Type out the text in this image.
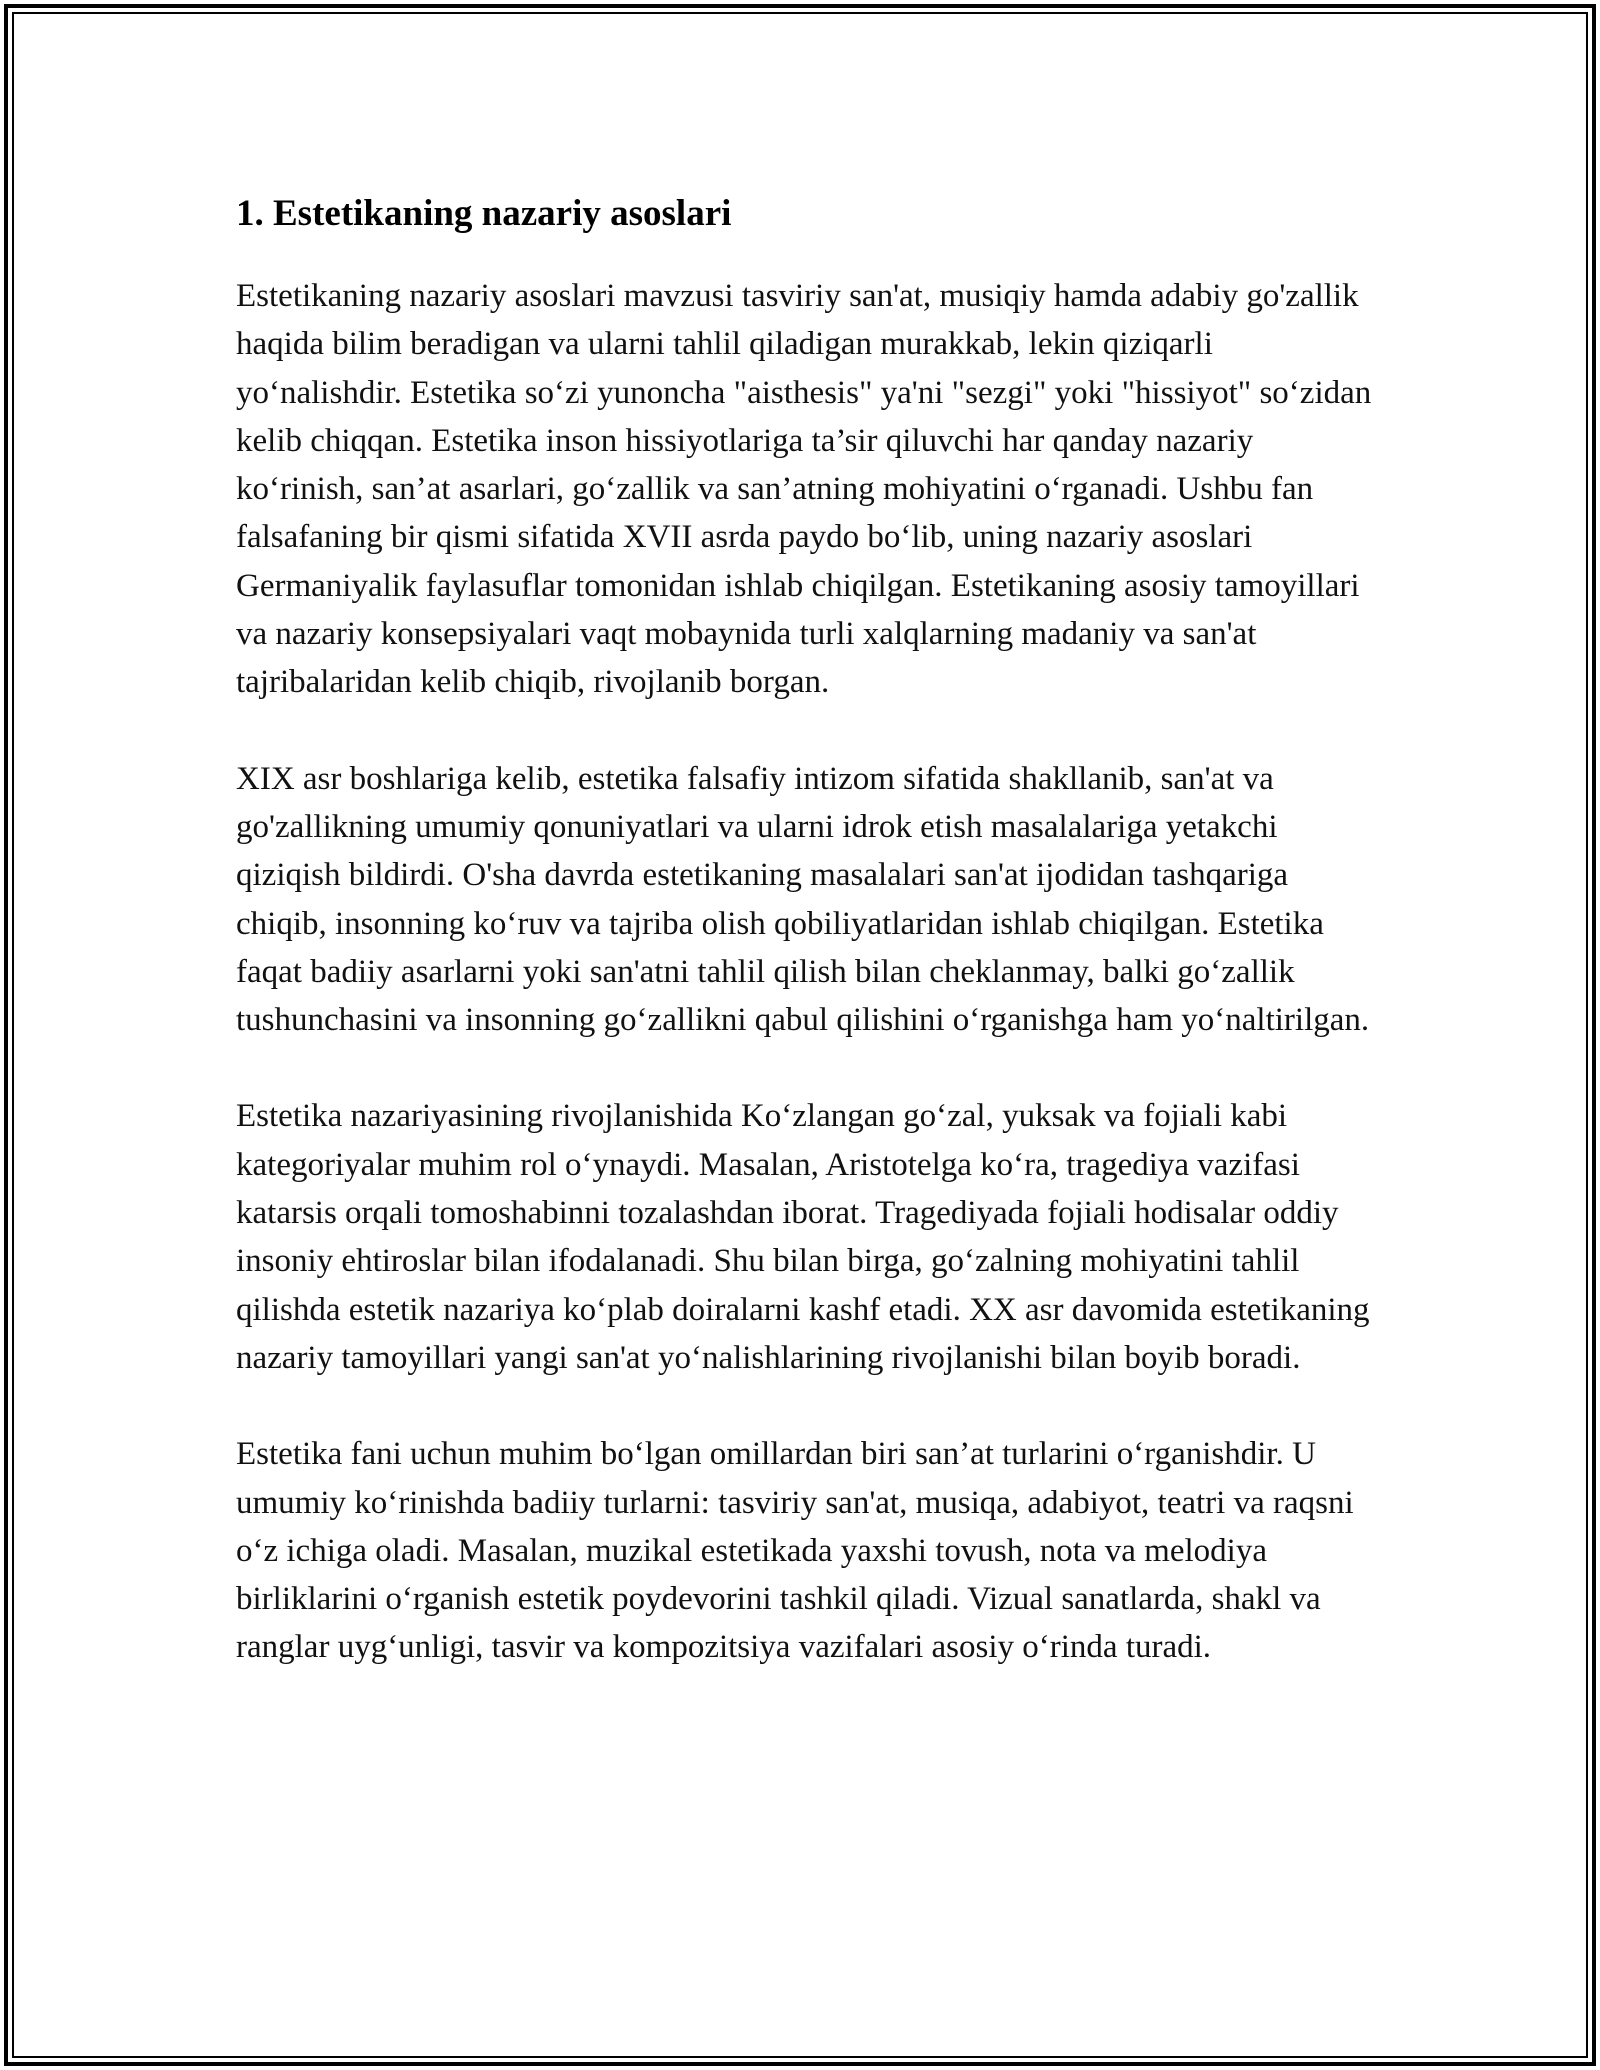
1. Estetikaning nazariy asoslari

Estetikaning nazariy asoslari mavzusi tasviriy san'at, musiqiy hamda adabiy go'zallik haqida bilim beradigan va ularni tahlil qiladigan murakkab, lekin qiziqarli yo‘nalishdir. Estetika so‘zi yunoncha "aisthesis" ya'ni "sezgi" yoki "hissiyot" so‘zidan kelib chiqqan. Estetika inson hissiyotlariga ta’sir qiluvchi har qanday nazariy ko‘rinish, san’at asarlari, go‘zallik va san’atning mohiyatini o‘rganadi. Ushbu fan falsafaning bir qismi sifatida XVII asrda paydo bo‘lib, uning nazariy asoslari Germaniyalik faylasuflar tomonidan ishlab chiqilgan. Estetikaning asosiy tamoyillari va nazariy konsepsiyalari vaqt mobaynida turli xalqlarning madaniy va san'at tajribalaridan kelib chiqib, rivojlanib borgan.

XIX asr boshlariga kelib, estetika falsafiy intizom sifatida shakllanib, san'at va go'zallikning umumiy qonuniyatlari va ularni idrok etish masalalariga yetakchi qiziqish bildirdi. O'sha davrda estetikaning masalalari san'at ijodidan tashqariga chiqib, insonning ko‘ruv va tajriba olish qobiliyatlaridan ishlab chiqilgan. Estetika faqat badiiy asarlarni yoki san'atni tahlil qilish bilan cheklanmay, balki go‘zallik tushunchasini va insonning go‘zallikni qabul qilishini o‘rganishga ham yo‘naltirilgan.

Estetika nazariyasining rivojlanishida Ko‘zlangan go‘zal, yuksak va fojiali kabi kategoriyalar muhim rol o‘ynaydi. Masalan, Aristotelga ko‘ra, tragediya vazifasi katarsis orqali tomoshabinni tozalashdan iborat. Tragediyada fojiali hodisalar oddiy insoniy ehtiroslar bilan ifodalanadi. Shu bilan birga, go‘zalning mohiyatini tahlil qilishda estetik nazariya ko‘plab doiralarni kashf etadi. XX asr davomida estetikaning nazariy tamoyillari yangi san'at yo‘nalishlarining rivojlanishi bilan boyib boradi.

Estetika fani uchun muhim bo‘lgan omillardan biri san’at turlarini o‘rganishdir. U umumiy ko‘rinishda badiiy turlarni: tasviriy san'at, musiqa, adabiyot, teatri va raqsni o‘z ichiga oladi. Masalan, muzikal estetikada yaxshi tovush, nota va melodiya birliklarini o‘rganish estetik poydevorini tashkil qiladi. Vizual sanatlarda, shakl va ranglar uyg‘unligi, tasvir va kompozitsiya vazifalari asosiy o‘rinda turadi.
